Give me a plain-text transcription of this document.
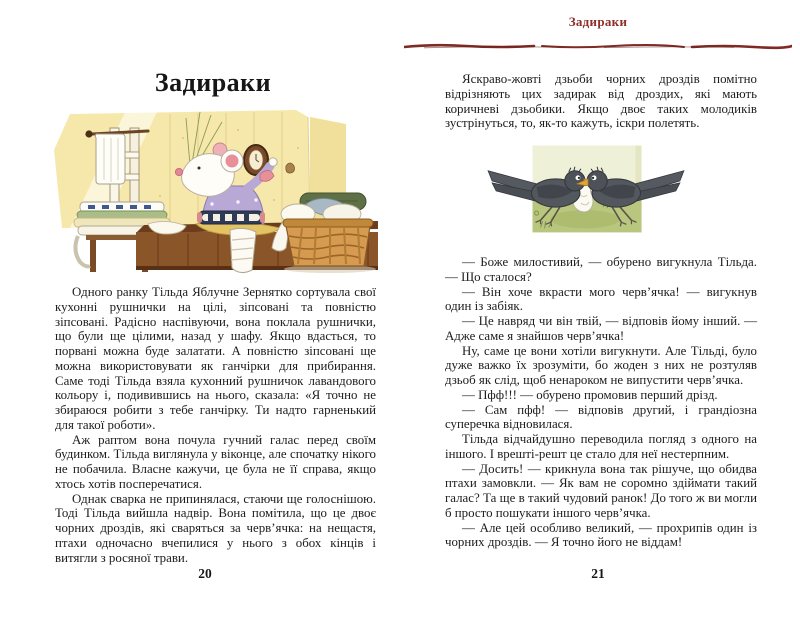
Задираки

Одного ранку Тільда Яблучне Зернятко сортувала свої кухонні рушнички на цілі, зіпсовані та повністю зіпсовані. Радісно наспівуючи, вона поклала рушнички, що були ще цілими, назад у шафу. Якщо вдасться, то порвані можна буде залатати. А повністю зіпсовані ще можна використовувати як ганчірки для прибирання. Саме тоді Тільда взяла кухонний рушничок лавандового кольору і, подивившись на нього, сказала: «Я точно не збираюся робити з тебе ганчірку. Ти надто гарненький для такої роботи».

Аж раптом вона почула гучний галас перед своїм будинком. Тільда виглянула у віконце, але спочатку нікого не побачила. Власне кажучи, це була не її справа, якщо хтось хотів посперечатися.

Однак сварка не припинялася, стаючи ще голоснішою. Тоді Тільда вийшла надвір. Вона помітила, що це двоє чорних дроздів, які сваряться за черв’ячка: на нещастя, птахи одночасно вчепилися у нього з обох кінців і витягли з росяної трави.

20
Задираки

Яскраво-жовті дзьоби чорних дроздів помітно відрізняють цих задирак від дроздих, які мають коричневі дзьобики. Якщо двоє таких молодиків зустрінуться, то, як-то кажуть, іскри полетять.

— Боже милостивий, — обурено вигукнула Тільда. — Що сталося?

— Він хоче вкрасти мого черв’ячка! — вигукнув один із забіяк.

— Це навряд чи він твій, — відповів йому інший. — Адже саме я знайшов черв’ячка!

Ну, саме це вони хотіли вигукнути. Але Тільді, було дуже важко їх зрозуміти, бо жоден з них не розтуляв дзьоб як слід, щоб ненароком не випустити черв’ячка.

— Пфф!!! — обурено промовив перший дрізд.

— Сам пфф! — відповів другий, і грандіозна суперечка відновилася.

Тільда відчайдушно переводила погляд з одного на іншого. І врешті-решт це стало для неї нестерпним.

— Досить! — крикнула вона так рішуче, що обидва птахи замовкли. — Як вам не соромно здіймати такий галас? Та ще в такий чудовий ранок! До того ж ви могли б просто пошукати іншого черв’ячка.

— Але цей особливо великий, — прохрипів один із чорних дроздів. — Я точно його не віддам!

21
